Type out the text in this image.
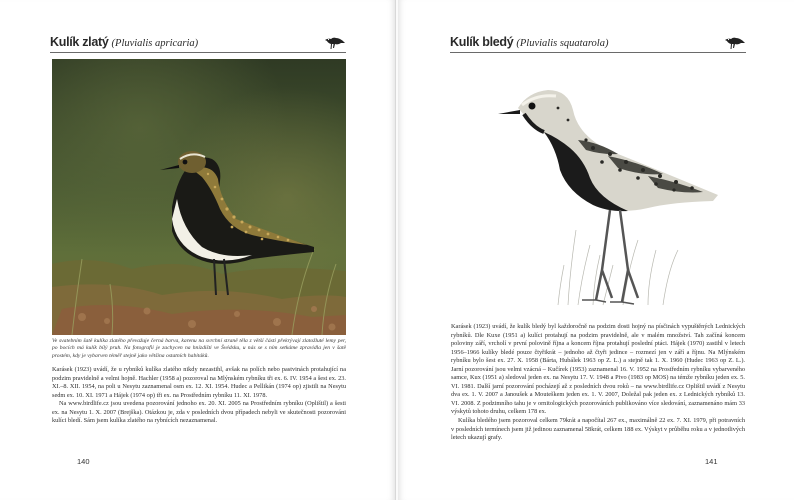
Kulík zlatý (Pluvialis apricaria)
Ve svatebním šatě kulíka zlatého převažuje černá barva, karenu na svrchní straně těla z větší části překrývají zlatožluté lemy per, po bocích má kulík bílý pruh. Na fotografii je zachycen na hnízdišti ve Švédsku, u nás se s ním setkáme zpravidla jen v šatě prostém, kdy je vybarven téměř stejně jako většina ostatních habitáků.

Karásek (1923) uvádí, že u rybníků kulíka zlatého nikdy nezastihl, avšak na polích nebo pastvinách protahující na podzim pravidelně a velmi hojně. Hachler (1958 a) pozoroval na Mlýnském rybníku tři ex. 6. IV. 1954 a šest ex. 23. XI.–8. XII. 1954, na poli u Nesytu zaznamenal osm ex. 12. XI. 1954. Hudec a Pellikán (1974 op) zjistili na Nesytu sedm ex. 10. XI. 1971 a Hájek (1974 op) tři ex. na Prostředním rybníku 11. XI. 1978.

Na www.birdlife.cz jsou uvedena pozorování jednoho ex. 20. XI. 2005 na Prostředním rybníku (Oplištil) a šesti ex. na Nesytu 1. X. 2007 (Brejška). Otázkou je, zda v posledních dvou případech nebyli ve skutečnosti pozorováni kulíci bledí. Sám jsem kulíka zlatého na rybnících nezaznamenal.

140
Kulík bledý (Pluvialis squatarola)

Karásek (1923) uvádí, že kulík bledý byl každoročně na podzim dosti hojný na písčinách vypuštěných Lednických rybníků. Dle Kuxe (1951 a) kulíci protahují na podzim pravidelně, ale v malém množství. Tah začíná koncem poloviny září, vrcholí v první polovině října a koncem října protahují poslední ptáci. Hájek (1970) zastihl v letech 1956–1966 kulíky bledé pouze čtyřikrát – jednoho až čtyři jedince – rozmezí jen v září a říjnu. Na Mlýnském rybníku bylo šest ex. 27. X. 1958 (Bárta, Hubálek 1963 op Z. L.) a stejně tak 1. X. 1960 (Hudec 1963 op Z. L.). Jarní pozorování jsou velmi vzácná – Kučírek (1953) zaznamenal 16. V. 1952 na Prostředním rybníku vybarveného samce, Kux (1951 a) sledoval jeden ex. na Nesytu 17. V. 1948 a Pivo (1983 op MOS) na témže rybníku jeden ex. 5. VI. 1981. Další jarní pozorování pocházejí až z posledních dvou roků – na www.birdlife.cz Oplištil uvádí z Nesytu dva ex. 1. V. 2007 a Janoušek a Mouteškem jeden ex. 1. V. 2007, Doležal pak jeden ex. z Lednických rybníků 13. VI. 2008. Z podzimního tahu je v ornitologických pozorováních publikováno více sledování, zaznamenáno mám 33 výskytů tohoto druhu, celkem 178 ex.

Kulíka bledého jsem pozoroval celkem 79krát a napočítal 267 ex., maximálně 22 ex. 7. XI. 1979, při potravních v posledních termínech jsem již jedinou zaznamenal 58krát, celkem 188 ex. Výskyt v průběhu roku a v jednotlivých letech ukazují grafy.

141
